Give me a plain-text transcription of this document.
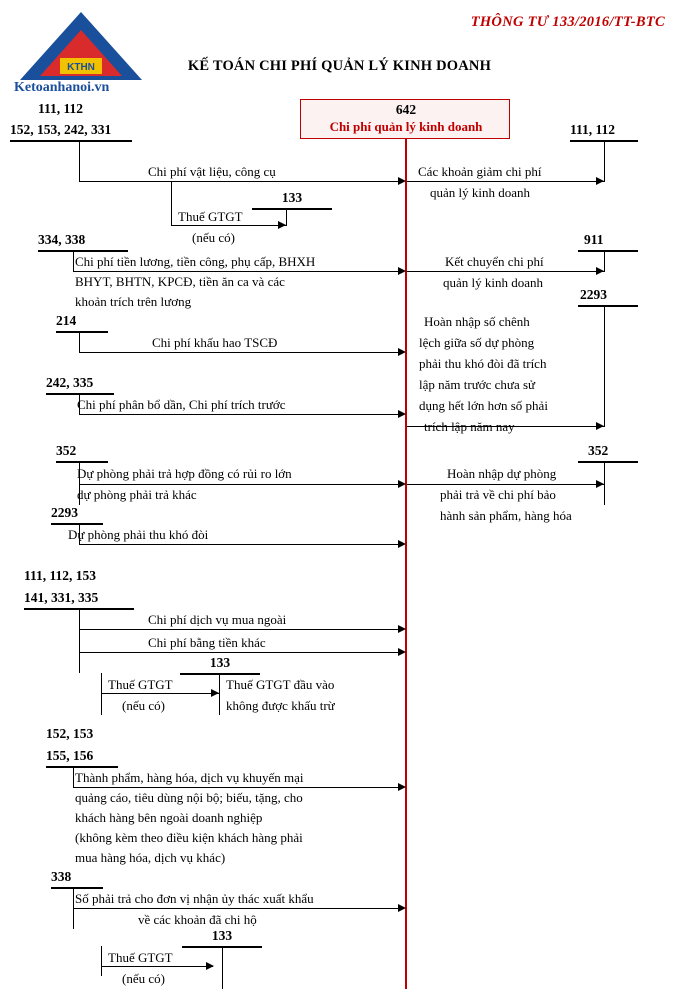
THÔNG TƯ 133/2016/TT-BTC
KẾ TOÁN CHI PHÍ QUẢN LÝ KINH DOANH
KTHN
Ketoanhanoi.vn
642
Chi phí quản lý kinh doanh
111, 112
152, 153, 242, 331
Chi phí vật liệu, công cụ
133
Thuế GTGT
(nếu có)
334, 338
Chi phí tiền lương, tiền công, phụ cấp, BHXH
BHYT, BHTN, KPCĐ, tiền ăn ca và các
khoản trích trên lương
214
Chi phí khấu hao TSCĐ
242, 335
Chi phí phân bổ dần, Chi phí trích trước
352
Dự phòng phải trả hợp đồng có rủi ro lớn
dự phòng phải trả khác
2293
Dự phòng phải thu khó đòi
111, 112, 153
141, 331, 335
Chi phí dịch vụ mua ngoài
Chi phí bằng tiền khác
133
Thuế GTGT
(nếu có)
Thuế GTGT đầu vào
không được khấu trừ
152, 153
155, 156
Thành phẩm, hàng hóa, dịch vụ khuyến mại
quảng cáo, tiêu dùng nội bộ; biếu, tặng, cho
khách hàng bên ngoài doanh nghiệp
(không kèm theo điều kiện khách hàng phải
mua hàng hóa, dịch vụ khác)
338
Số phải trả cho đơn vị nhận ủy thác xuất khẩu
về các khoản đã chi hộ
133
Thuế GTGT
(nếu có)
111, 112
Các khoản giảm chi phí
quản lý kinh doanh
911
Kết chuyển chi phí
quản lý kinh doanh
2293
Hoàn nhập số chênh
lệch giữa số dự phòng
phải thu khó đòi đã trích
lập năm trước chưa sử
dụng hết lớn hơn số phải
trích lập năm nay
352
Hoàn nhập dự phòng
phải trả về chi phí bảo
hành sản phẩm, hàng hóa
